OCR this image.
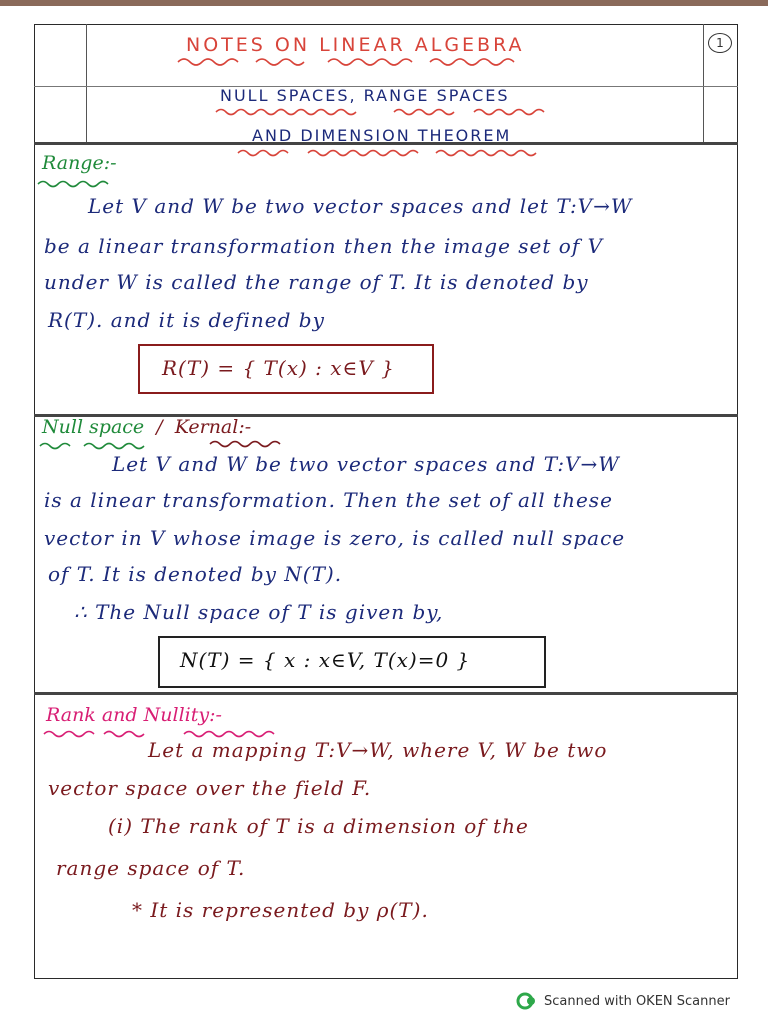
1
NOTES ON LINEAR ALGEBRA
NULL SPACES, RANGE SPACES
AND DIMENSION THEOREM
Range:-
Let V and W be two vector spaces and let T:V→W
be a linear transformation then the image set of V
under W is called the range of T. It is denoted by
R(T). and it is defined by
R(T) = { T(x) : x∈V }
Null space / Kernal:-
Let V and W be two vector spaces and T:V→W
is a linear transformation. Then the set of all these
vector in V whose image is zero, is called null space
of T. It is denoted by N(T).
∴ The Null space of T is given by,
N(T) = { x : x∈V, T(x)=0 }
Rank and Nullity:-
Let a mapping T:V→W, where V, W be two
vector space over the field F.
(i) The rank of T is a dimension of the
range space of T.
* It is represented by ρ(T).
Scanned with OKEN Scanner
